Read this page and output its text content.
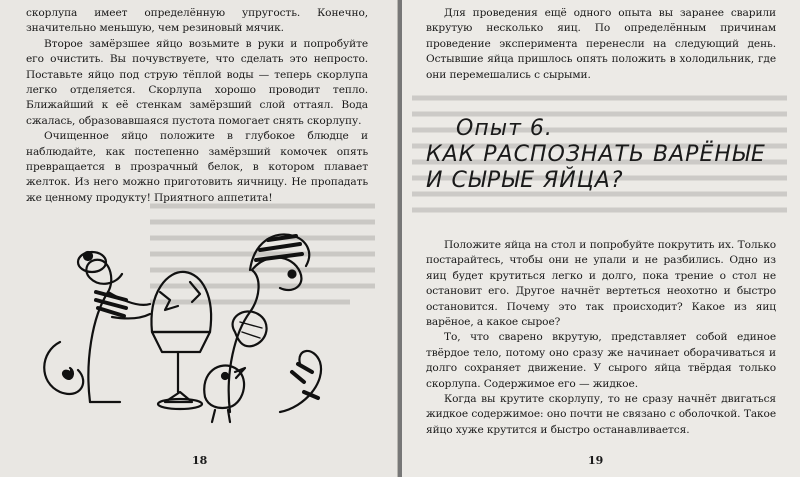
скорлупа имеет определённую упругость. Конечно, значительно меньшую, чем резиновый мячик.

Второе замёрзшее яйцо возьмите в руки и попробуйте его очистить. Вы почувствуете, что сделать это непросто. Поставьте яйцо под струю тёплой воды — теперь скорлупа легко отделяется. Скорлупа хорошо проводит тепло. Ближайший к её стенкам замёрзший слой оттаял. Вода сжалась, образовавшаяся пустота помогает снять скорлупу.

Очищенное яйцо положите в глубокое блюдце и наблюдайте, как постепенно замёрзший комочек опять превращается в прозрачный белок, в котором плавает желток. Из него можно приготовить яичницу. Не пропадать же ценному продукту! Приятного аппетита!

18

Для проведения ещё одного опыта вы заранее сварили вкрутую несколько яиц. По определённым причинам проведение эксперимента перенесли на следующий день. Остывшие яйца пришлось опять положить в холодильник, где они перемешались с сырыми.

Опыт 6.
КАК РАСПОЗНАТЬ ВАРЁНЫЕ
И СЫРЫЕ ЯЙЦА?

Положите яйца на стол и попробуйте покрутить их. Только постарайтесь, чтобы они не упали и не разбились. Одно из яиц будет крутиться легко и долго, пока трение о стол не остановит его. Другое начнёт вертеться неохотно и быстро остановится. Почему это так происходит? Какое из яиц варёное, а какое сырое?

То, что сварено вкрутую, представляет собой единое твёрдое тело, потому оно сразу же начинает оборачиваться и долго сохраняет движение. У сырого яйца твёрдая только скорлупа. Содержимое его — жидкое.

Когда вы крутите скорлупу, то не сразу начнёт двигаться жидкое содержимое: оно почти не связано с оболочкой. Такое яйцо хуже крутится и быстро останавливается.

19
